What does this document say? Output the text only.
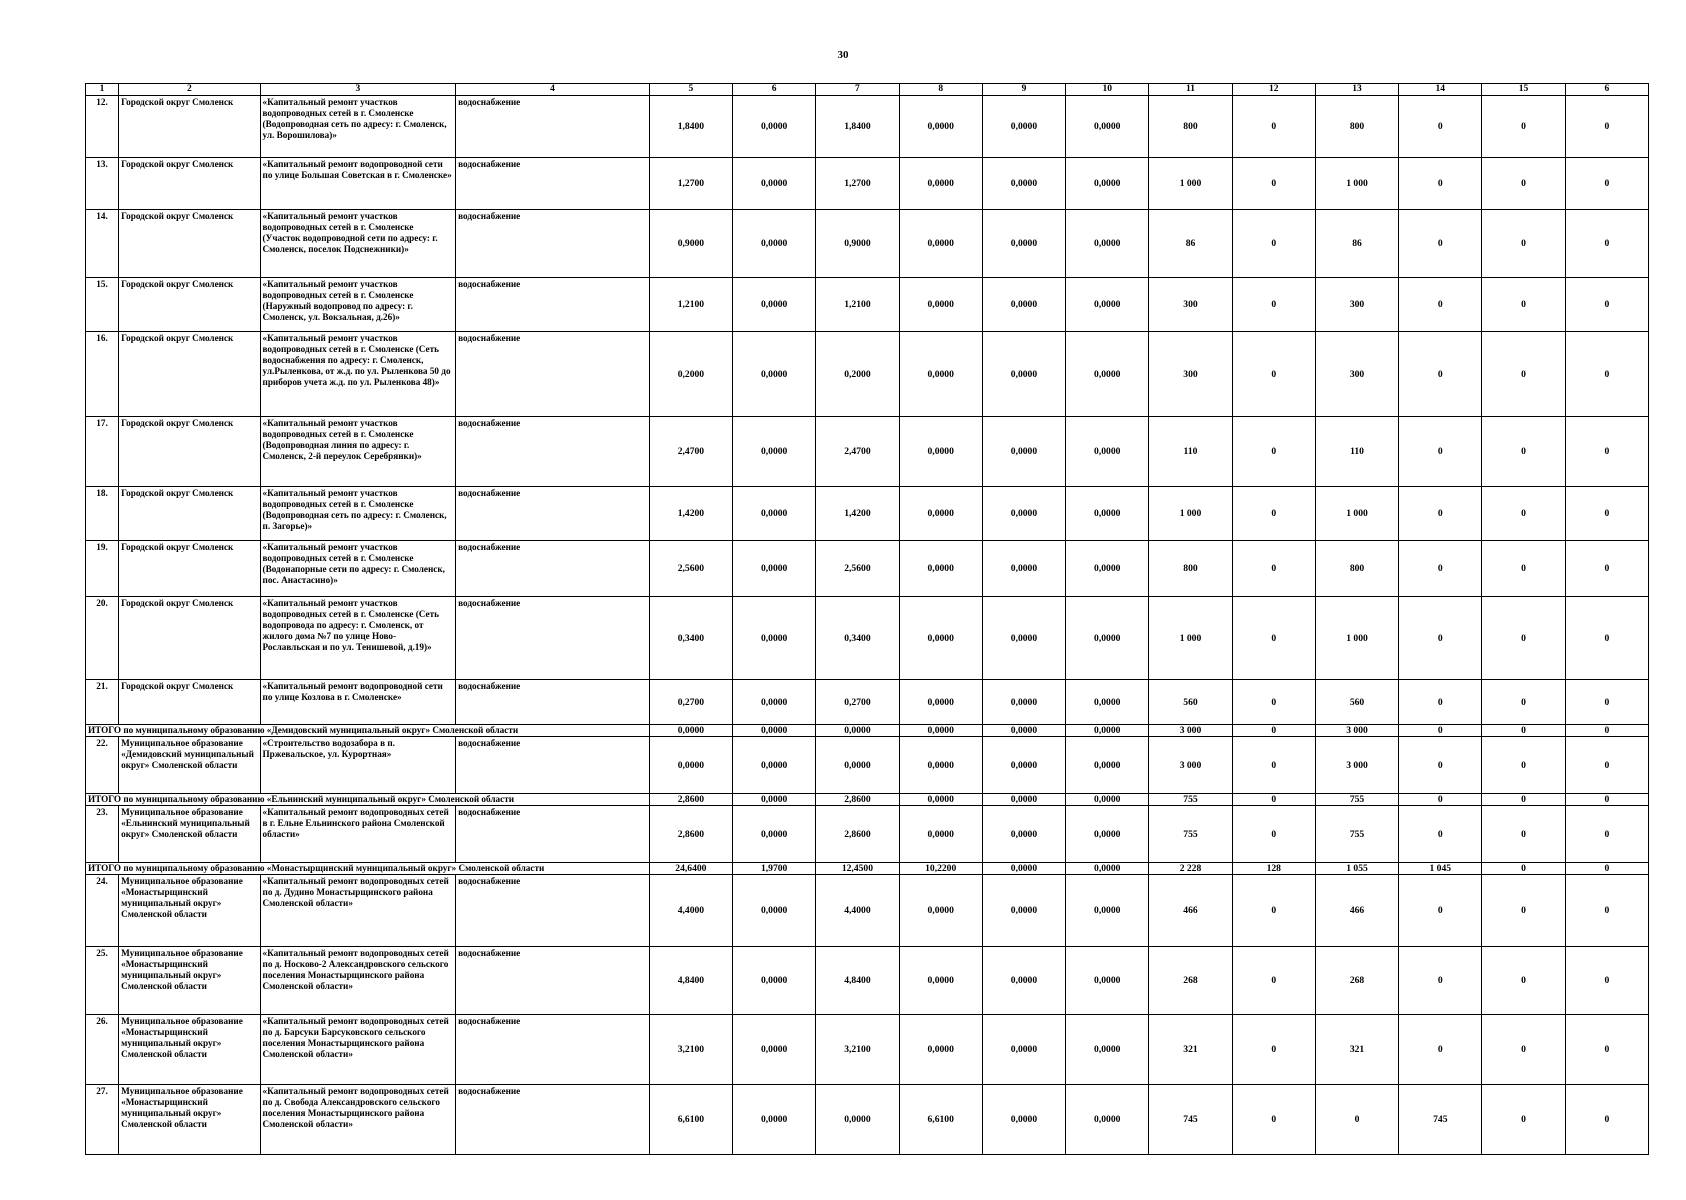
30
1	2	3	4	5	6	7	8	9	10	11	12	13	14	15	6
12.	Городской округ Смоленск	«Капитальный ремонт участков водопроводных сетей в г. Смоленске (Водопроводная сеть по адресу: г. Смоленск, ул. Ворошилова)»	водоснабжение	1,8400	0,0000	1,8400	0,0000	0,0000	0,0000	800	0	800	0	0	0
13.	Городской округ Смоленск	«Капитальный ремонт водопроводной сети по улице Большая Советская в г. Смоленске»	водоснабжение	1,2700	0,0000	1,2700	0,0000	0,0000	0,0000	1 000	0	1 000	0	0	0
14.	Городской округ Смоленск	«Капитальный ремонт участков водопроводных сетей в г. Смоленске (Участок водопроводной сети по адресу: г. Смоленск, поселок Подснежники)»	водоснабжение	0,9000	0,0000	0,9000	0,0000	0,0000	0,0000	86	0	86	0	0	0
15.	Городской округ Смоленск	«Капитальный ремонт участков водопроводных сетей в г. Смоленске (Наружный водопровод по адресу: г. Смоленск, ул. Вокзальная, д.26)»	водоснабжение	1,2100	0,0000	1,2100	0,0000	0,0000	0,0000	300	0	300	0	0	0
16.	Городской округ Смоленск	«Капитальный ремонт участков водопроводных сетей в г. Смоленске (Сеть водоснабжения по адресу: г. Смоленск, ул.Рыленкова, от ж.д. по ул. Рыленкова 50 до приборов учета ж.д. по ул. Рыленкова 48)»	водоснабжение	0,2000	0,0000	0,2000	0,0000	0,0000	0,0000	300	0	300	0	0	0
17.	Городской округ Смоленск	«Капитальный ремонт участков водопроводных сетей в г. Смоленске (Водопроводная линия по адресу: г. Смоленск, 2-й переулок Серебрянки)»	водоснабжение	2,4700	0,0000	2,4700	0,0000	0,0000	0,0000	110	0	110	0	0	0
18.	Городской округ Смоленск	«Капитальный ремонт участков водопроводных сетей в г. Смоленске (Водопроводная сеть по адресу: г. Смоленск, п. Загорье)»	водоснабжение	1,4200	0,0000	1,4200	0,0000	0,0000	0,0000	1 000	0	1 000	0	0	0
19.	Городской округ Смоленск	«Капитальный ремонт участков водопроводных сетей в г. Смоленске (Водонапорные сети по адресу: г. Смоленск, пос. Анастасино)»	водоснабжение	2,5600	0,0000	2,5600	0,0000	0,0000	0,0000	800	0	800	0	0	0
20.	Городской округ Смоленск	«Капитальный ремонт участков водопроводных сетей в г. Смоленске (Сеть водопровода по адресу: г. Смоленск, от жилого дома №7 по улице Ново-Рославльская и по ул. Тенишевой, д.19)»	водоснабжение	0,3400	0,0000	0,3400	0,0000	0,0000	0,0000	1 000	0	1 000	0	0	0
21.	Городской округ Смоленск	«Капитальный ремонт водопроводной сети по улице Козлова в г. Смоленске»	водоснабжение	0,2700	0,0000	0,2700	0,0000	0,0000	0,0000	560	0	560	0	0	0
ИТОГО по муниципальному образованию «Демидовский муниципальный округ» Смоленской области				0,0000	0,0000	0,0000	0,0000	0,0000	0,0000	3 000	0	3 000	0	0	0
22.	Муниципальное образование «Демидовский муниципальный округ» Смоленской области	«Строительство водозабора в п. Пржевальское, ул. Курортная»	водоснабжение	0,0000	0,0000	0,0000	0,0000	0,0000	0,0000	3 000	0	3 000	0	0	0
ИТОГО по муниципальному образованию «Ельнинский муниципальный округ» Смоленской области				2,8600	0,0000	2,8600	0,0000	0,0000	0,0000	755	0	755	0	0	0
23.	Муниципальное образование «Ельнинский муниципальный округ» Смоленской области	«Капитальный ремонт водопроводных сетей в г. Ельне Ельнинского района Смоленской области»	водоснабжение	2,8600	0,0000	2,8600	0,0000	0,0000	0,0000	755	0	755	0	0	0
ИТОГО по муниципальному образованию «Монастырщинский муниципальный округ» Смоленской области				24,6400	1,9700	12,4500	10,2200	0,0000	0,0000	2 228	128	1 055	1 045	0	0
24.	Муниципальное образование «Монастырщинский муниципальный округ» Смоленской области	«Капитальный ремонт водопроводных сетей по д. Дудино Монастырщинского района Смоленской области»	водоснабжение	4,4000	0,0000	4,4000	0,0000	0,0000	0,0000	466	0	466	0	0	0
25.	Муниципальное образование «Монастырщинский муниципальный округ» Смоленской области	«Капитальный ремонт водопроводных сетей по д. Носково-2 Александровского сельского поселения Монастырщинского района Смоленской области»	водоснабжение	4,8400	0,0000	4,8400	0,0000	0,0000	0,0000	268	0	268	0	0	0
26.	Муниципальное образование «Монастырщинский муниципальный округ» Смоленской области	«Капитальный ремонт водопроводных сетей по д. Барсуки Барсуковского сельского поселения Монастырщинского района Смоленской области»	водоснабжение	3,2100	0,0000	3,2100	0,0000	0,0000	0,0000	321	0	321	0	0	0
27.	Муниципальное образование «Монастырщинский муниципальный округ» Смоленской области	«Капитальный ремонт водопроводных сетей по д. Свобода Александровского сельского поселения Монастырщинского района Смоленской области»	водоснабжение	6,6100	0,0000	0,0000	6,6100	0,0000	0,0000	745	0	0	745	0	0
